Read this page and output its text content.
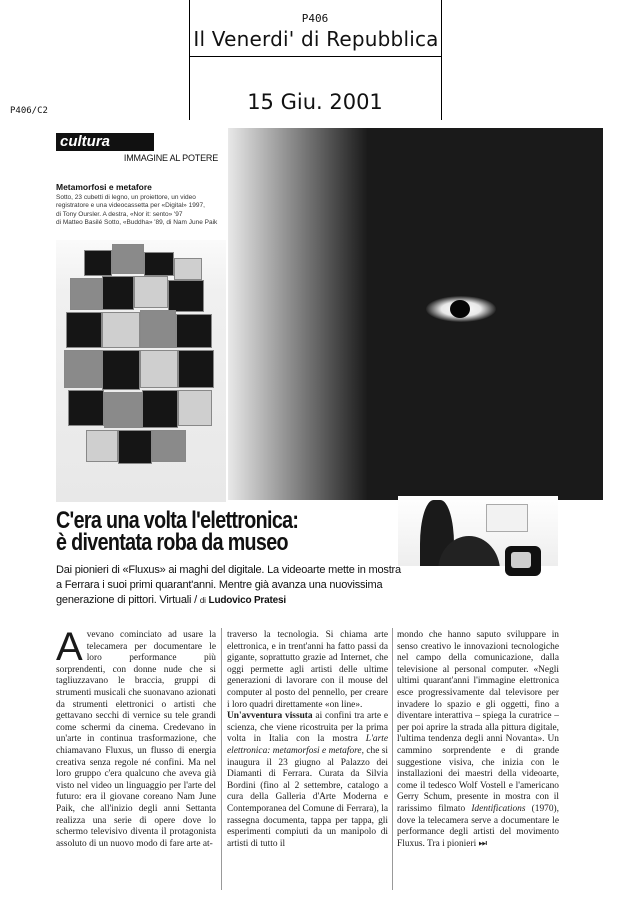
P406
Il Venerdi' di Repubblica
P406/C2	15 Giu. 2001
cultura
IMMAGINE AL POTERE
Metamorfosi e metafore
Sotto, 23 cubetti di legno, un proiettore, un video
registratore e una videocassetta per «Digital» 1997,
di Tony Oursler. A destra, «Nor it: sento» '97
di Matteo Basilé Sotto, «Buddha» '89, di Nam June Paik
C'era una volta l'elettronica:
è diventata roba da museo
Dai pionieri di «Fluxus» ai maghi del digitale. La videoarte mette in mostra a Ferrara i suoi primi quarant'anni. Mentre già avanza una nuovissima generazione di pittori. Virtuali / di Ludovico Pratesi
A vevano cominciato ad usare la telecamera per documentare le loro performance più sorprendenti, con donne nude che si tagliuzzavano le braccia, gruppi di strumenti musicali che suonavano azionati da strumenti elettronici o artisti che gettavano secchi di vernice su tele grandi come schermi da cinema. Credevano in un'arte in continua trasformazione, che chiamavano Fluxus, un flusso di energia creativa senza regole né confini. Ma nel loro gruppo c'era qualcuno che aveva già visto nel video un linguaggio per l'arte del futuro: era il giovane coreano Nam June Paik, che all'inizio degli anni Settanta realizza una serie di opere dove lo schermo televisivo diventa il protagonista assoluto di un nuovo modo di fare arte at-
traverso la tecnologia. Si chiama arte elettronica, e in trent'anni ha fatto passi da gigante, soprattutto grazie ad Internet, che oggi permette agli artisti delle ultime generazioni di lavorare con il mouse del computer al posto del pennello, per creare i loro quadri direttamente «on line».
Un'avventura vissuta ai confini tra arte e scienza, che viene ricostruita per la prima volta in Italia con la mostra L'arte elettronica: metamorfosi e metafore, che si inaugura il 23 giugno al Palazzo dei Diamanti di Ferrara. Curata da Silvia Bordini (fino al 2 settembre, catalogo a cura della Galleria d'Arte Moderna e Contemporanea del Comune di Ferrara), la rassegna documenta, tappa per tappa, gli esperimenti compiuti da un manipolo di artisti di tutto il
mondo che hanno saputo sviluppare in senso creativo le innovazioni tecnologiche nel campo della comunicazione, dalla televisione al personal computer. «Negli ultimi quarant'anni l'immagine elettronica esce progressivamente dal televisore per invadere lo spazio e gli oggetti, fino a diventare interattiva – spiega la curatrice – per poi aprire la strada alla pittura digitale, l'ultima tendenza degli anni Novanta». Un cammino sorprendente e di grande suggestione visiva, che inizia con le installazioni dei maestri della videoarte, come il tedesco Wolf Vostell e l'americano Gerry Schum, presente in mostra con il rarissimo filmato Identifications (1970), dove la telecamera serve a documentare le performance degli artisti del movimento Fluxus. Tra i pionieri ⏭
